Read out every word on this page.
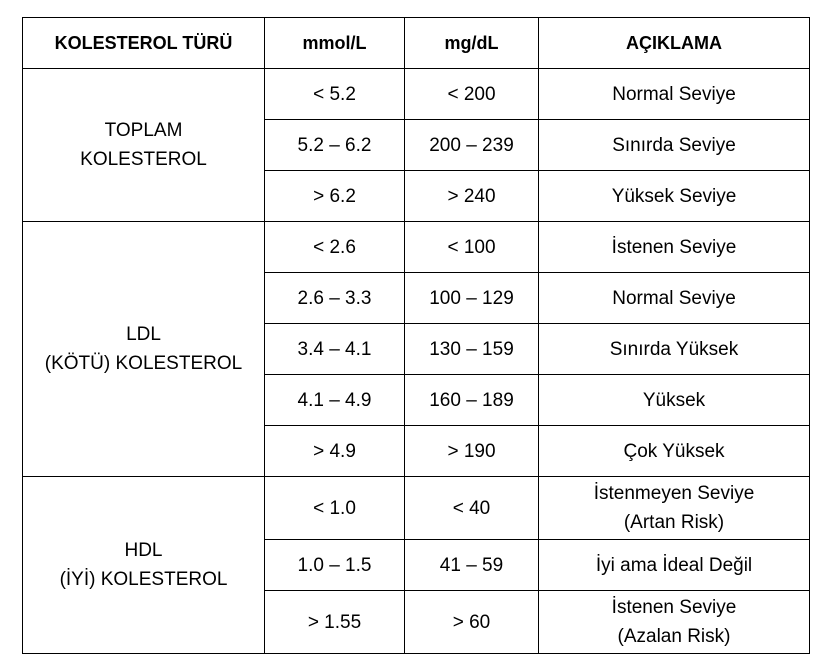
KOLESTEROL TÜRÜ	mmol/L	mg/dL	AÇIKLAMA

TOPLAM
KOLESTEROL	< 5.2	< 200	Normal Seviye
	5.2 – 6.2	200 – 239	Sınırda Seviye
	> 6.2	> 240	Yüksek Seviye

LDL
(KÖTÜ) KOLESTEROL	< 2.6	< 100	İstenen Seviye
	2.6 – 3.3	100 – 129	Normal Seviye
	3.4 – 4.1	130 – 159	Sınırda Yüksek
	4.1 – 4.9	160 – 189	Yüksek
	> 4.9	> 190	Çok Yüksek

HDL
(İYİ) KOLESTEROL	< 1.0	< 40	İstenmeyen Seviye
(Artan Risk)

	1.0 – 1.5	41 – 59	İyi ama İdeal Değil
	> 1.55	> 60	İstenen Seviye
(Azalan Risk)
